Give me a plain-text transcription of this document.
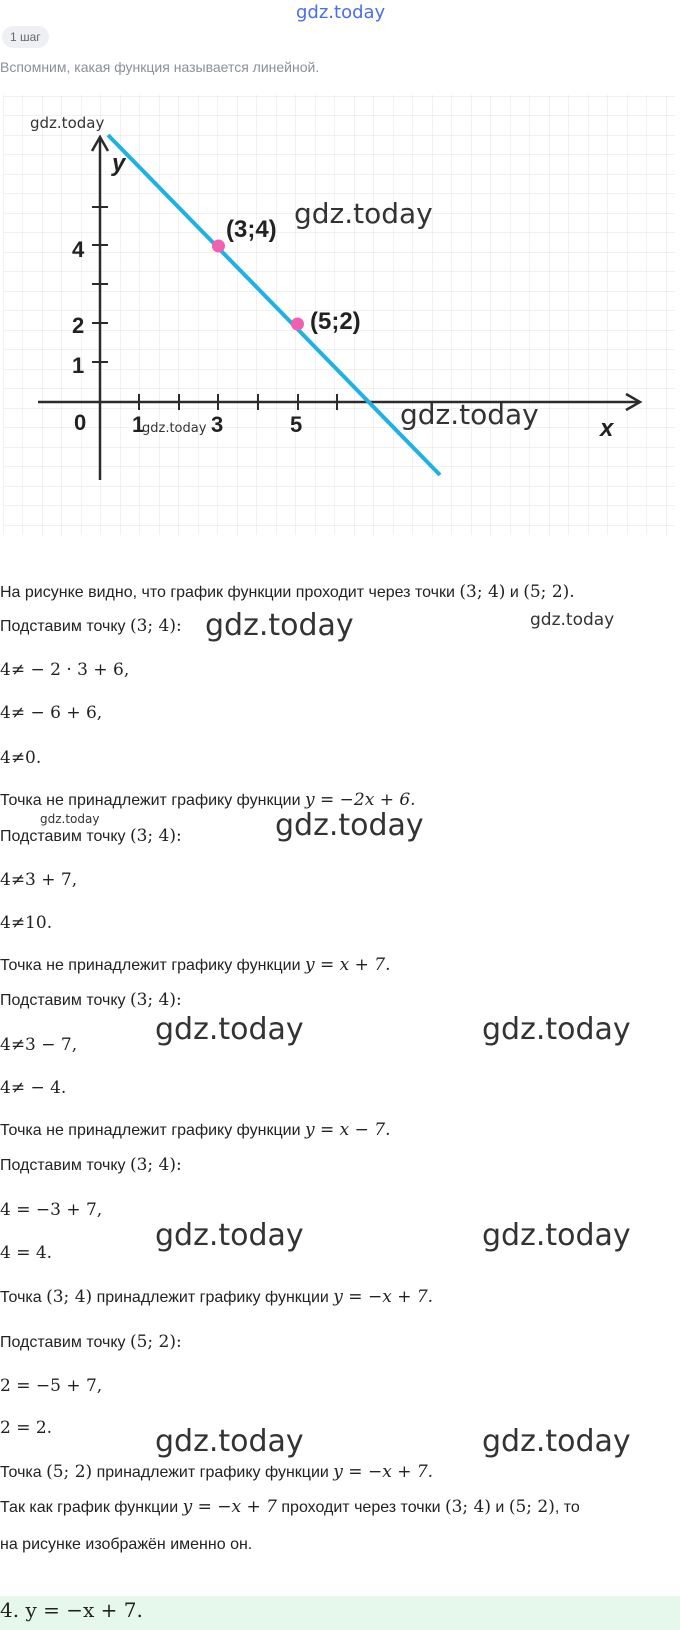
gdz.today
1 шаг
Вспомним, какая функция называется линейной.
y
x
0
4
2
1
1	3	5
(3;4)
(5;2)
gdz.today
gdz.today
gdz.today
gdz.today
На рисунке видно, что график функции проходит через точки (3; 4) и (5; 2).
Подставим точку (3; 4): gdz.today	gdz.today
4≠ − 2 · 3 + 6,
4≠ − 6 + 6,
4≠0.
Точка не принадлежит графику функции y = −2x + 6.
gdz.today
Подставим точку (3; 4):	gdz.today
4≠3 + 7,
4≠10.
Точка не принадлежит графику функции y = x + 7.
Подставим точку (3; 4):
gdz.today	gdz.today
4≠3 − 7,
4≠ − 4.
Точка не принадлежит графику функции y = x − 7.
Подставим точку (3; 4):
4 = −3 + 7,
4 = 4.	gdz.today	gdz.today
Точка (3; 4) принадлежит графику функции y = −x + 7.
Подставим точку (5; 2):
2 = −5 + 7,
2 = 2.	gdz.today	gdz.today
Точка (5; 2) принадлежит графику функции y = −x + 7.
Так как график функции y = −x + 7 проходит через точки (3; 4) и (5; 2), то
на рисунке изображён именно он.
4. y = −x + 7.
